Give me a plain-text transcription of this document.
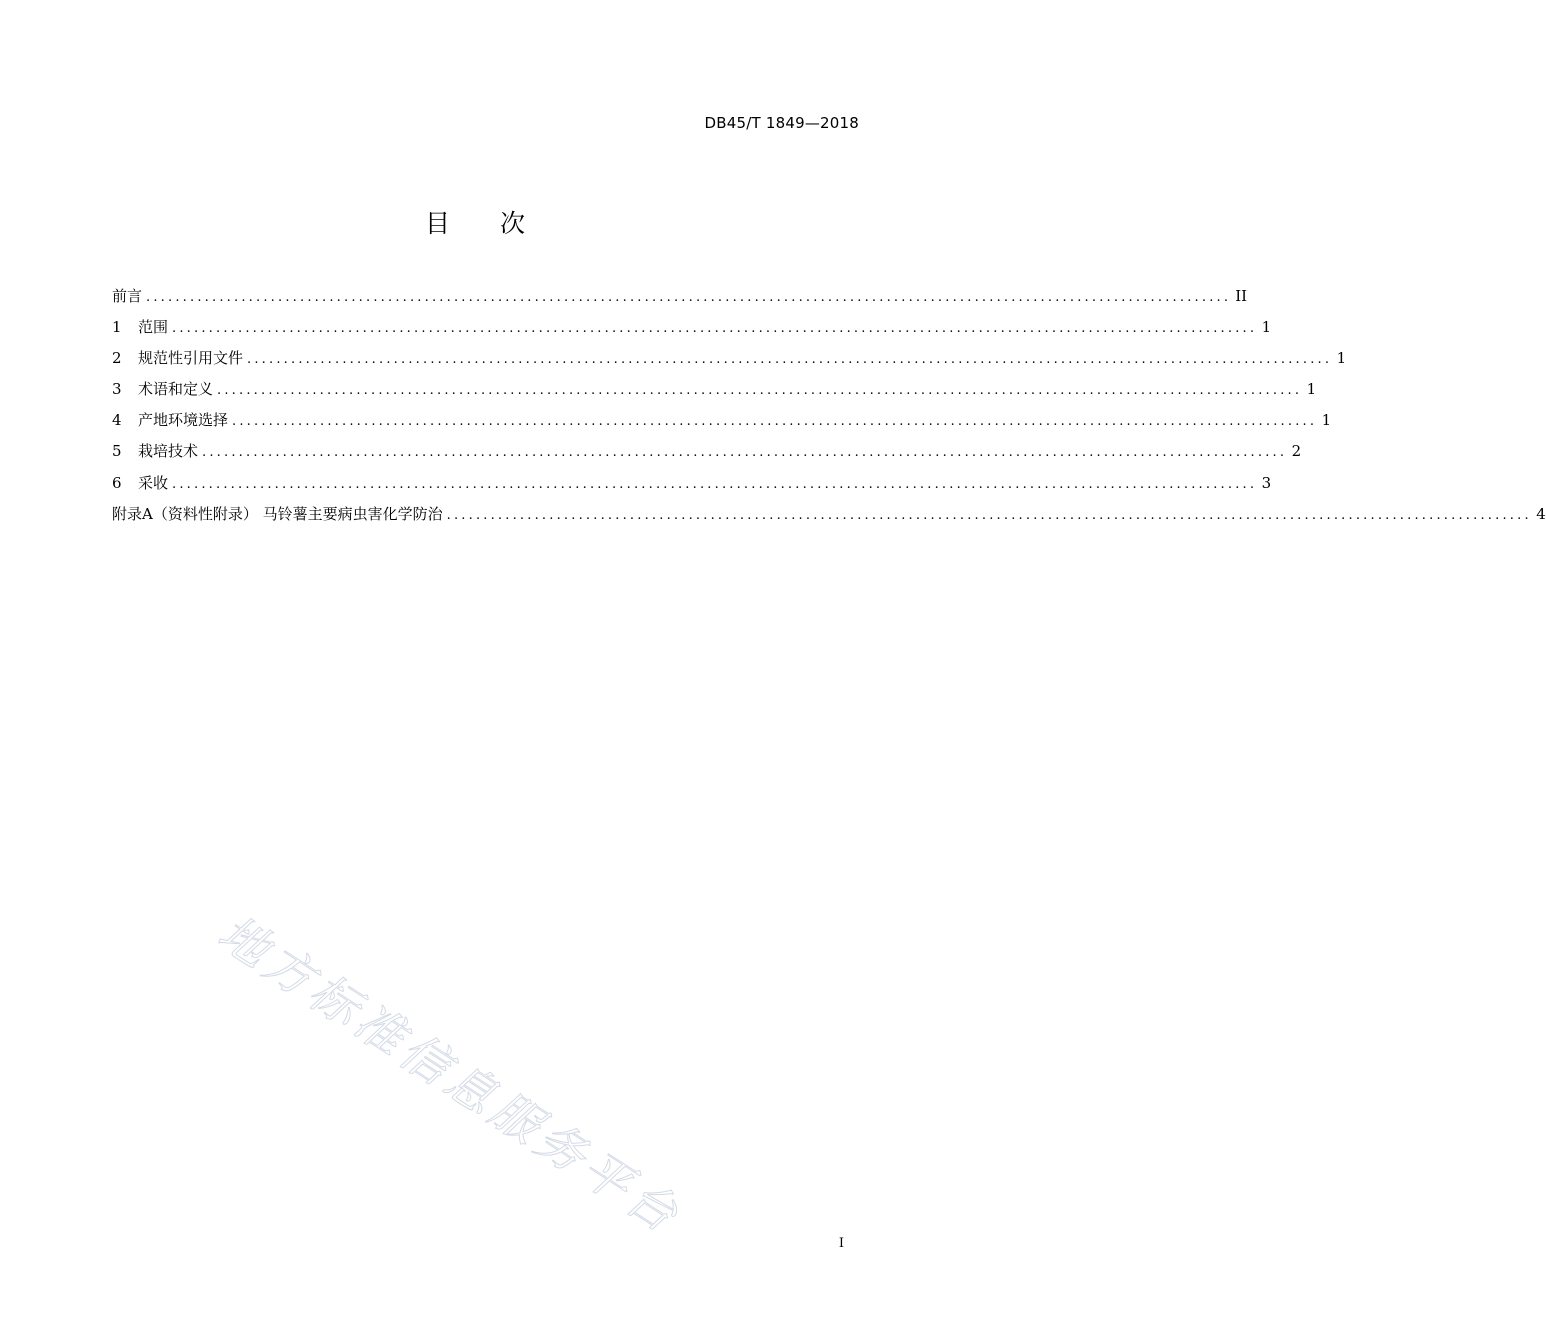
DB45/T 1849—2018
目 次
前言 .................................................................................................................................................... II
1	范围 .................................................................................................................................................... 1
2	规范性引用文件 .................................................................................................................................................... 1
3	术语和定义 .................................................................................................................................................... 1
4	产地环境选择 .................................................................................................................................................... 1
5	栽培技术 .................................................................................................................................................... 2
6	采收 .................................................................................................................................................... 3
附录A（资料性附录） 马铃薯主要病虫害化学防治 .................................................................................................................................................... 4
地方标准信息服务平台	I
